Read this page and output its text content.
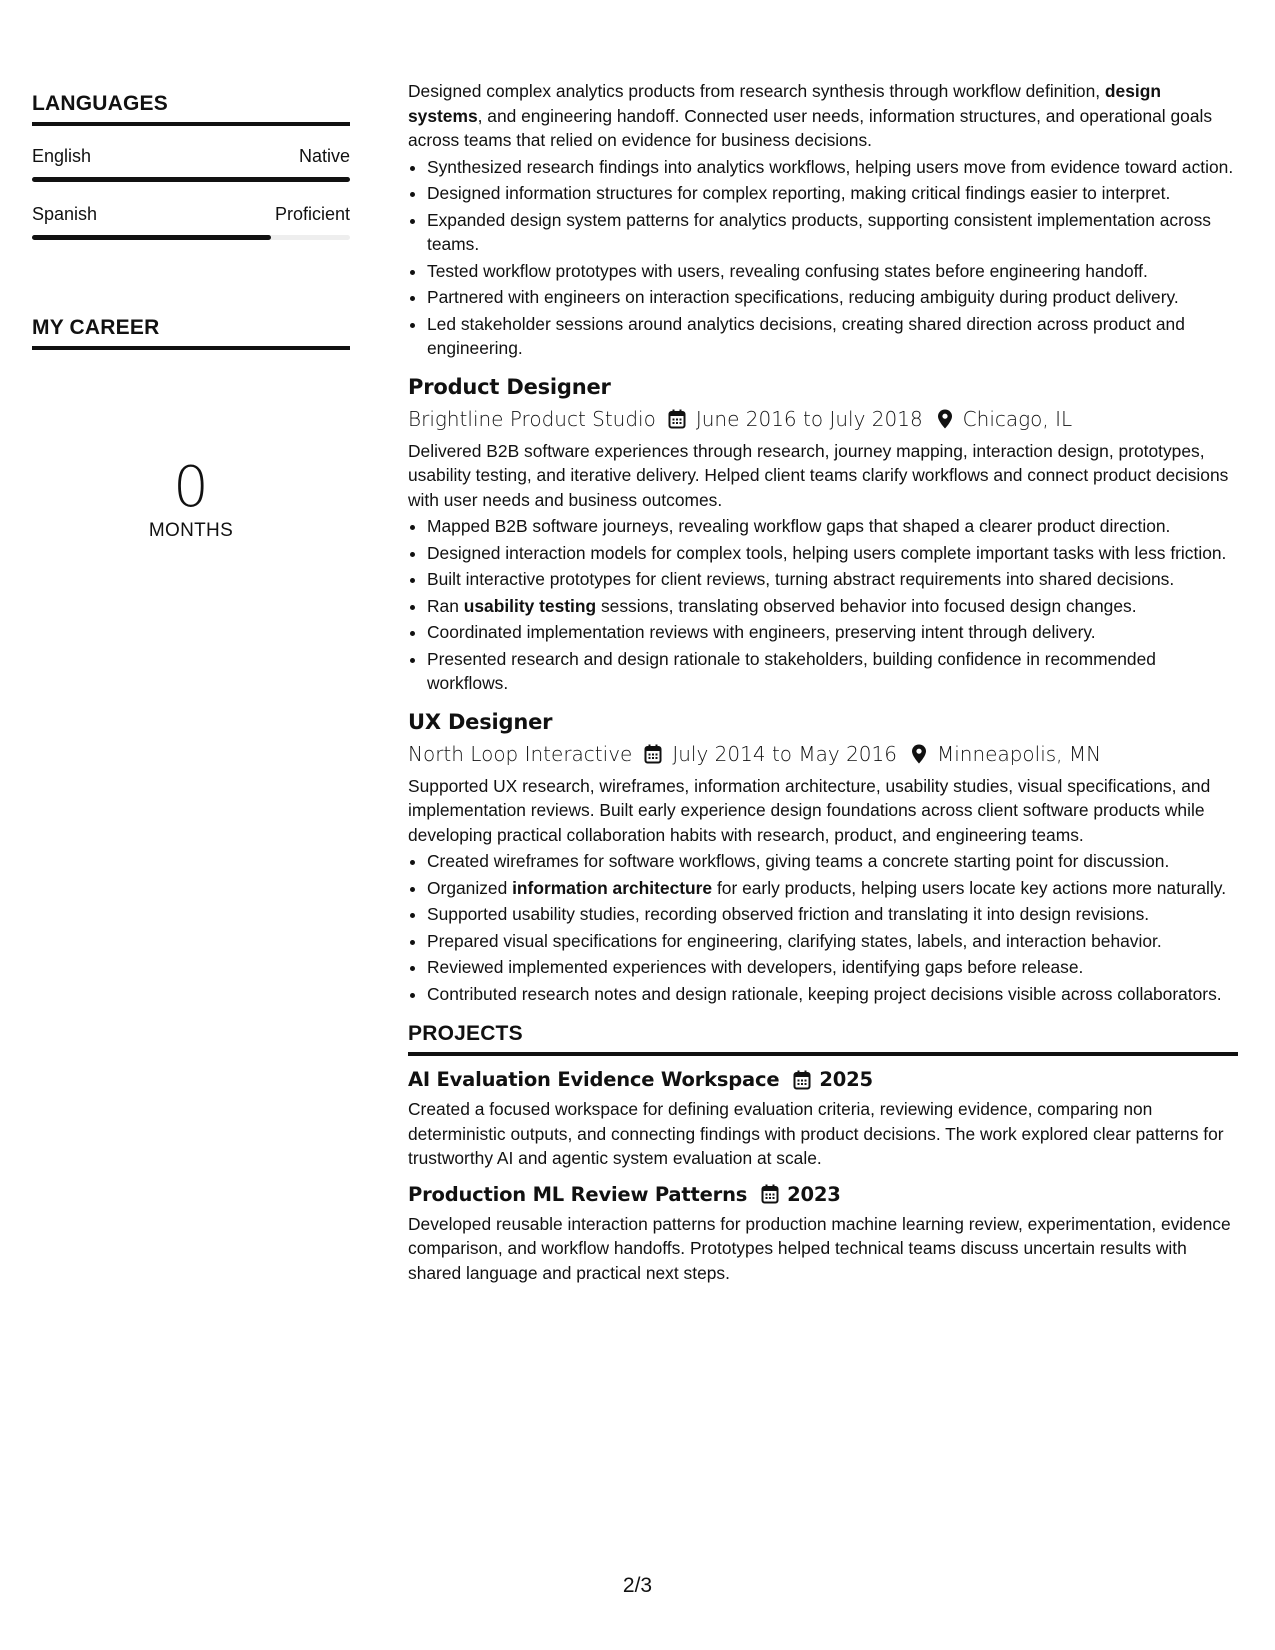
LANGUAGES
English	Native
Spanish	Proficient
MY CAREER
0
MONTHS

Designed complex analytics products from research synthesis through workflow definition, design systems, and engineering handoff. Connected user needs, information structures, and operational goals across teams that relied on evidence for business decisions.

• Synthesized research findings into analytics workflows, helping users move from evidence toward action.
• Designed information structures for complex reporting, making critical findings easier to interpret.
• Expanded design system patterns for analytics products, supporting consistent implementation across teams.
• Tested workflow prototypes with users, revealing confusing states before engineering handoff.
• Partnered with engineers on interaction specifications, reducing ambiguity during product delivery.
• Led stakeholder sessions around analytics decisions, creating shared direction across product and engineering.
Product Designer
Brightline Product Studio June 2016 to July 2018 Chicago, IL

Delivered B2B software experiences through research, journey mapping, interaction design, prototypes, usability testing, and iterative delivery. Helped client teams clarify workflows and connect product decisions with user needs and business outcomes.

• Mapped B2B software journeys, revealing workflow gaps that shaped a clearer product direction.
• Designed interaction models for complex tools, helping users complete important tasks with less friction.
• Built interactive prototypes for client reviews, turning abstract requirements into shared decisions.
• Ran usability testing sessions, translating observed behavior into focused design changes.
• Coordinated implementation reviews with engineers, preserving intent through delivery.
• Presented research and design rationale to stakeholders, building confidence in recommended workflows.
UX Designer
North Loop Interactive July 2014 to May 2016 Minneapolis, MN

Supported UX research, wireframes, information architecture, usability studies, visual specifications, and implementation reviews. Built early experience design foundations across client software products while developing practical collaboration habits with research, product, and engineering teams.

• Created wireframes for software workflows, giving teams a concrete starting point for discussion.
• Organized information architecture for early products, helping users locate key actions more naturally.
• Supported usability studies, recording observed friction and translating it into design revisions.
• Prepared visual specifications for engineering, clarifying states, labels, and interaction behavior.
• Reviewed implemented experiences with developers, identifying gaps before release.
• Contributed research notes and design rationale, keeping project decisions visible across collaborators.
PROJECTS
AI Evaluation Evidence Workspace 2025

Created a focused workspace for defining evaluation criteria, reviewing evidence, comparing non deterministic outputs, and connecting findings with product decisions. The work explored clear patterns for trustworthy AI and agentic system evaluation at scale.

Production ML Review Patterns 2023

Developed reusable interaction patterns for production machine learning review, experimentation, evidence comparison, and workflow handoffs. Prototypes helped technical teams discuss uncertain results with shared language and practical next steps.

2/3
